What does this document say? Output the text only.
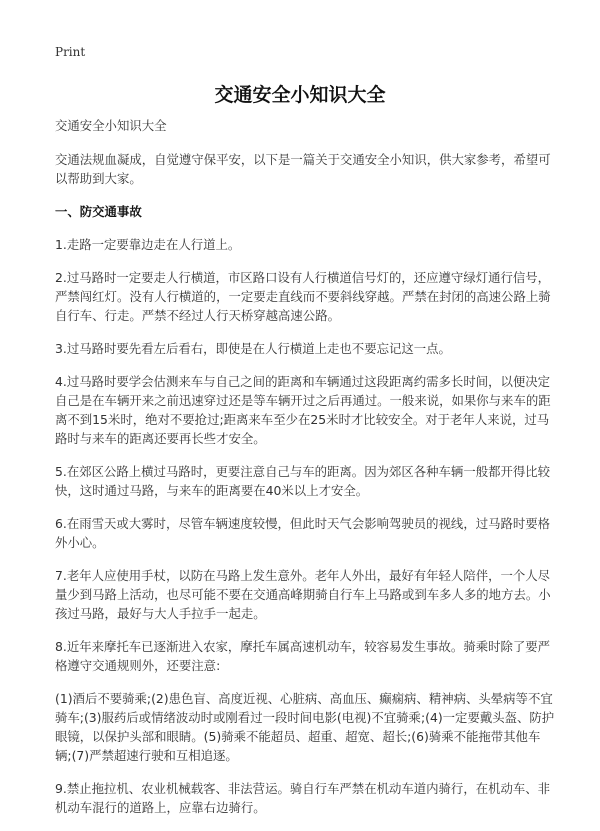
Print
交通安全小知识大全

交通安全小知识大全

交通法规血凝成，自觉遵守保平安，以下是一篇关于交通安全小知识，供大家参考，希望可以帮助到大家。

一、防交通事故

1.走路一定要靠边走在人行道上。

2.过马路时一定要走人行横道，市区路口设有人行横道信号灯的，还应遵守绿灯通行信号，严禁闯红灯。没有人行横道的，一定要走直线而不要斜线穿越。严禁在封闭的高速公路上骑自行车、行走。严禁不经过人行天桥穿越高速公路。

3.过马路时要先看左后看右，即使是在人行横道上走也不要忘记这一点。

4.过马路时要学会估测来车与自己之间的距离和车辆通过这段距离约需多长时间，以便决定自己是在车辆开来之前迅速穿过还是等车辆开过之后再通过。一般来说，如果你与来车的距离不到15米时，绝对不要抢过;距离来车至少在25米时才比较安全。对于老年人来说，过马路时与来车的距离还要再长些才安全。

5.在郊区公路上横过马路时，更要注意自己与车的距离。因为郊区各种车辆一般都开得比较快，这时通过马路，与来车的距离要在40米以上才安全。

6.在雨雪天或大雾时，尽管车辆速度较慢，但此时天气会影响驾驶员的视线，过马路时要格外小心。

7.老年人应使用手杖，以防在马路上发生意外。老年人外出，最好有年轻人陪伴，一个人尽量少到马路上活动，也尽可能不要在交通高峰期骑自行车上马路或到车多人多的地方去。小孩过马路，最好与大人手拉手一起走。

8.近年来摩托车已逐渐进入农家，摩托车属高速机动车，较容易发生事故。骑乘时除了要严格遵守交通规则外，还要注意:

(1)酒后不要骑乘;(2)患色盲、高度近视、心脏病、高血压、癫痫病、精神病、头晕病等不宜骑车;(3)服药后或情绪波动时或刚看过一段时间电影(电视)不宜骑乘;(4)一定要戴头盔、防护眼镜，以保护头部和眼睛。(5)骑乘不能超员、超重、超宽、超长;(6)骑乘不能拖带其他车辆;(7)严禁超速行驶和互相追逐。

9.禁止拖拉机、农业机械载客、非法营运。骑自行车严禁在机动车道内骑行，在机动车、非机动车混行的道路上，应靠右边骑行。
